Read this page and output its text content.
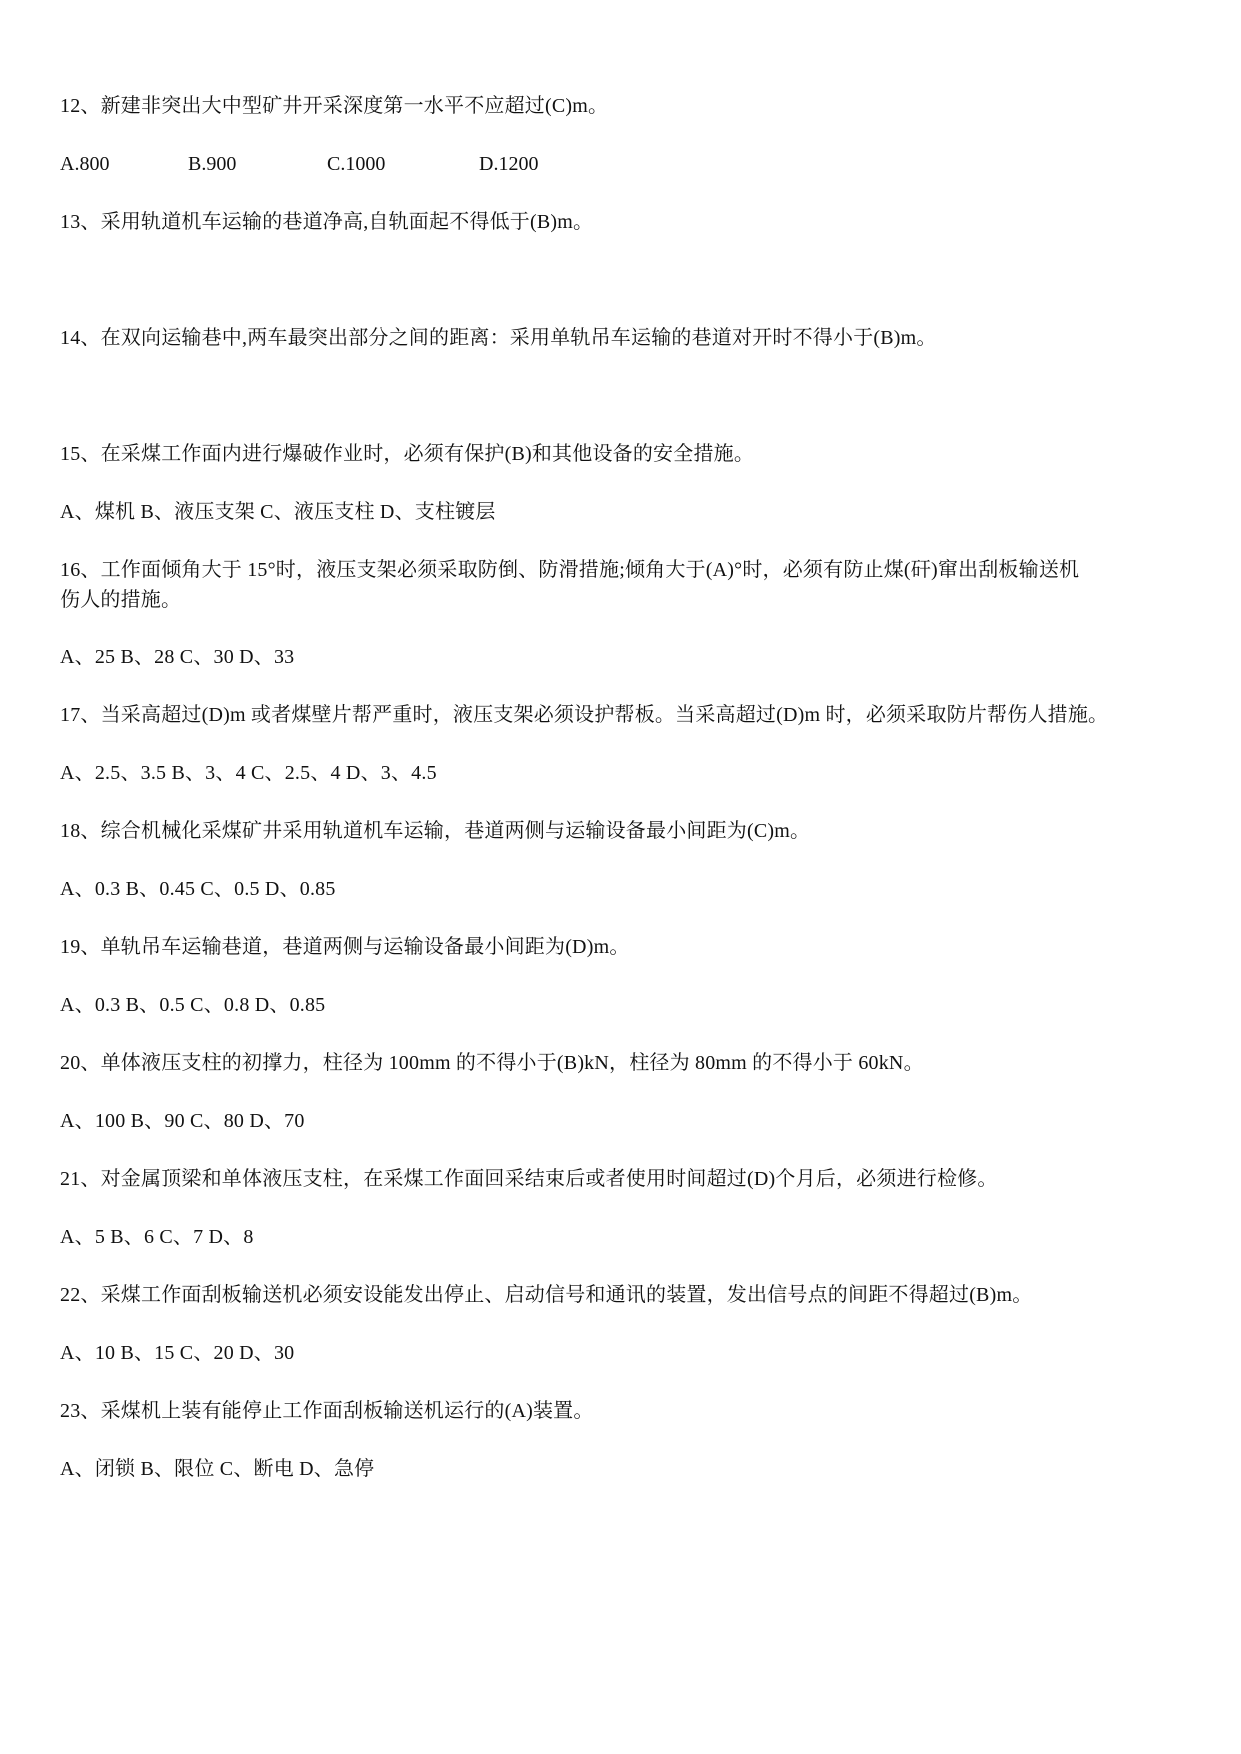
12、新建非突出大中型矿井开采深度第一水平不应超过(C)m。
A.800	B.900	C.1000	D.1200
13、采用轨道机车运输的巷道净高,自轨面起不得低于(B)m。
14、在双向运输巷中,两车最突出部分之间的距离：采用单轨吊车运输的巷道对开时不得小于(B)m。
15、在采煤工作面内进行爆破作业时，必须有保护(B)和其他设备的安全措施。
A、煤机 B、液压支架 C、液压支柱 D、支柱镀层
16、工作面倾角大于 15°时，液压支架必须采取防倒、防滑措施;倾角大于(A)°时，必须有防止煤(矸)窜出刮板输送机
伤人的措施。
A、25 B、28 C、30 D、33
17、当采高超过(D)m 或者煤壁片帮严重时，液压支架必须设护帮板。当采高超过(D)m 时，必须采取防片帮伤人措施。
A、2.5、3.5 B、3、4 C、2.5、4 D、3、4.5
18、综合机械化采煤矿井采用轨道机车运输，巷道两侧与运输设备最小间距为(C)m。
A、0.3 B、0.45 C、0.5 D、0.85
19、单轨吊车运输巷道，巷道两侧与运输设备最小间距为(D)m。
A、0.3 B、0.5 C、0.8 D、0.85
20、单体液压支柱的初撑力，柱径为 100mm 的不得小于(B)kN，柱径为 80mm 的不得小于 60kN。
A、100 B、90 C、80 D、70
21、对金属顶梁和单体液压支柱，在采煤工作面回采结束后或者使用时间超过(D)个月后，必须进行检修。
A、5 B、6 C、7 D、8
22、采煤工作面刮板输送机必须安设能发出停止、启动信号和通讯的装置，发出信号点的间距不得超过(B)m。
A、10 B、15 C、20 D、30
23、采煤机上装有能停止工作面刮板输送机运行的(A)装置。
A、闭锁 B、限位 C、断电 D、急停
